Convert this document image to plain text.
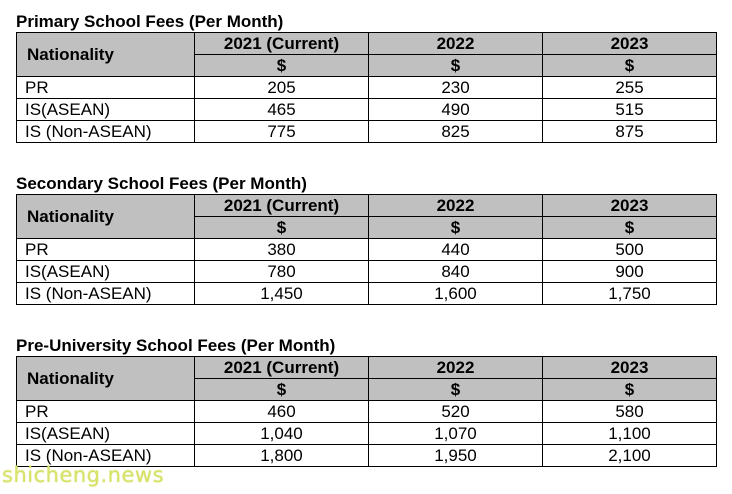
Primary School Fees (Per Month)

Nationality	2021 (Current)	2022	2023
	$	$	$
PR	205	230	255
IS(ASEAN)	465	490	515
IS (Non-ASEAN)	775	825	875

Secondary School Fees (Per Month)

Nationality	2021 (Current)	2022	2023
	$	$	$
PR	380	440	500
IS(ASEAN)	780	840	900
IS (Non-ASEAN)	1,450	1,600	1,750

Pre-University School Fees (Per Month)

Nationality	2021 (Current)	2022	2023
	$	$	$
PR	460	520	580
IS(ASEAN)	1,040	1,070	1,100
IS (Non-ASEAN)	1,800	1,950	2,100
shicheng.news
